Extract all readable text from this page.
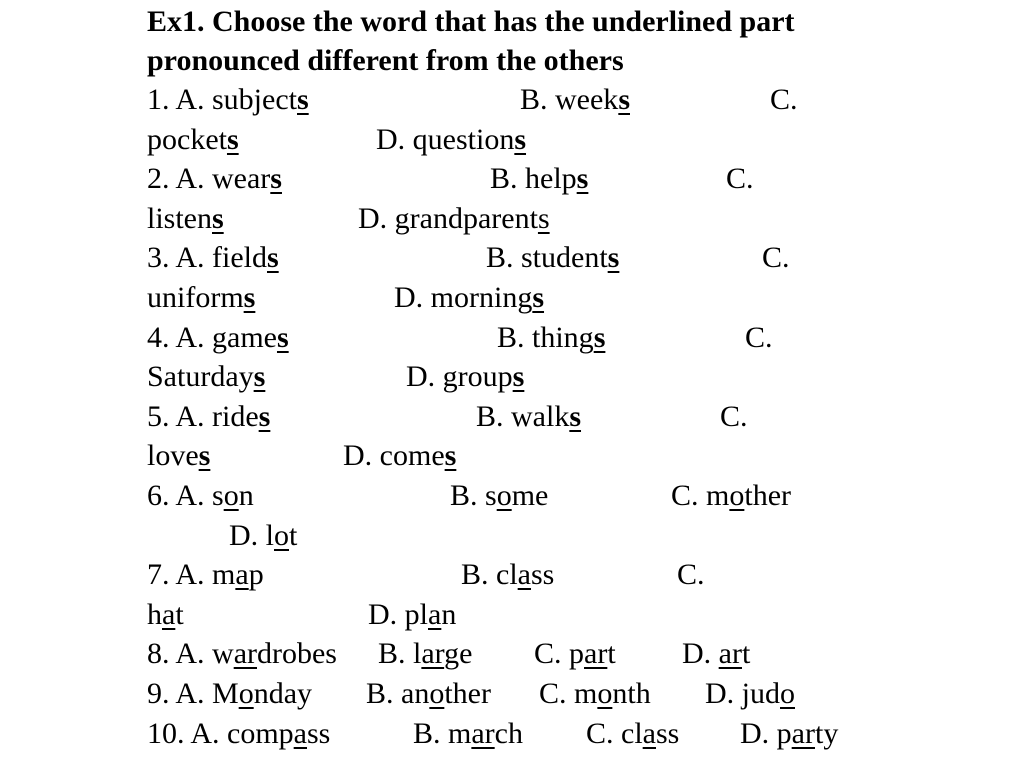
Ex1. Choose the word that has the underlined part
pronounced different from the others
1. A. subjects	B. weeks	C.
pockets	D. questions
2. A. wears	B. helps	C.
listens	D. grandparents
3. A. fields	B. students	C.
uniforms	D. mornings
4. A. games	B. things	C.
Saturdays	D. groups
5. A. rides	B. walks	C.
loves	D. comes
6. A. son	B. some	C. mother
D. lot
7. A. map	B. class	C.
hat	D. plan
8. A. wardrobes B. large C. part D. art
9. A. Monday B. another C. month D. judo
10. A. compass	B. march C. class D. party
